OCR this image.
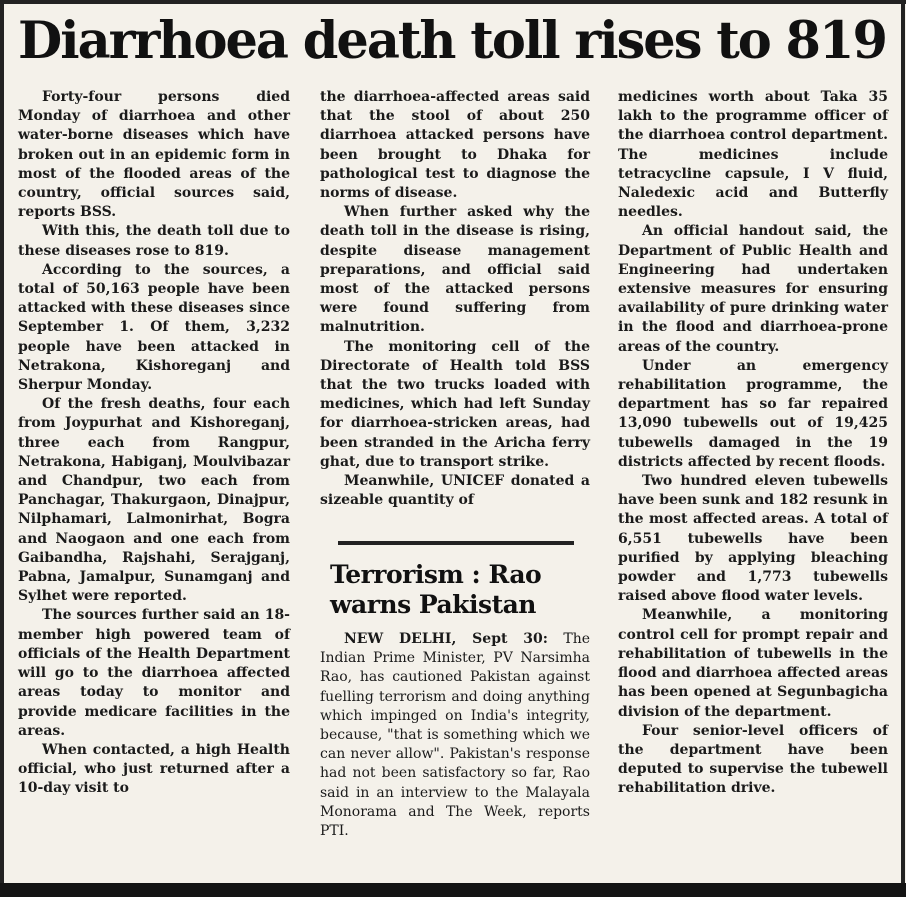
Diarrhoea death toll rises to 819

Forty-four persons died Monday of diarrhoea and other water-borne diseases which have broken out in an epidemic form in most of the flooded areas of the country, official sources said, reports BSS.

With this, the death toll due to these diseases rose to 819.

According to the sources, a total of 50,163 people have been attacked with these diseases since September 1. Of them, 3,232 people have been attacked in Netrakona, Kishoreganj and Sherpur Monday.

Of the fresh deaths, four each from Joypurhat and Kishoreganj, three each from Rangpur, Netrakona, Habiganj, Moulvibazar and Chandpur, two each from Panchagar, Thakurgaon, Dinajpur, Nilphamari, Lalmonirhat, Bogra and Naogaon and one each from Gaibandha, Rajshahi, Serajganj, Pabna, Jamalpur, Sunamganj and Sylhet were reported.

The sources further said an 18-member high powered team of officials of the Health Department will go to the diarrhoea affected areas today to monitor and provide medicare facilities in the areas.

When contacted, a high Health official, who just returned after a 10-day visit to

the diarrhoea-affected areas said that the stool of about 250 diarrhoea attacked persons have been brought to Dhaka for pathological test to diagnose the norms of disease.

When further asked why the death toll in the disease is rising, despite disease management preparations, and official said most of the attacked persons were found suffering from malnutrition.

The monitoring cell of the Directorate of Health told BSS that the two trucks loaded with medicines, which had left Sunday for diarrhoea-stricken areas, had been stranded in the Aricha ferry ghat, due to transport strike.

Meanwhile, UNICEF donated a sizeable quantity of

Terrorism : Rao warns Pakistan

NEW DELHI, Sept 30: The Indian Prime Minister, PV Narsimha Rao, has cautioned Pakistan against fuelling terrorism and doing anything which impinged on India's integrity, because, "that is something which we can never allow". Pakistan's response had not been satisfactory so far, Rao said in an interview to the Malayala Monorama and The Week, reports PTI.

medicines worth about Taka 35 lakh to the programme officer of the diarrhoea control department. The medicines include tetracycline capsule, I V fluid, Naledexic acid and Butterfly needles.

An official handout said, the Department of Public Health and Engineering had undertaken extensive measures for ensuring availability of pure drinking water in the flood and diarrhoea-prone areas of the country.

Under an emergency rehabilitation programme, the department has so far repaired 13,090 tubewells out of 19,425 tubewells damaged in the 19 districts affected by recent floods.

Two hundred eleven tubewells have been sunk and 182 resunk in the most affected areas. A total of 6,551 tubewells have been purified by applying bleaching powder and 1,773 tubewells raised above flood water levels.

Meanwhile, a monitoring control cell for prompt repair and rehabilitation of tubewells in the flood and diarrhoea affected areas has been opened at Segunbagicha division of the department.

Four senior-level officers of the department have been deputed to supervise the tubewell rehabilitation drive.
